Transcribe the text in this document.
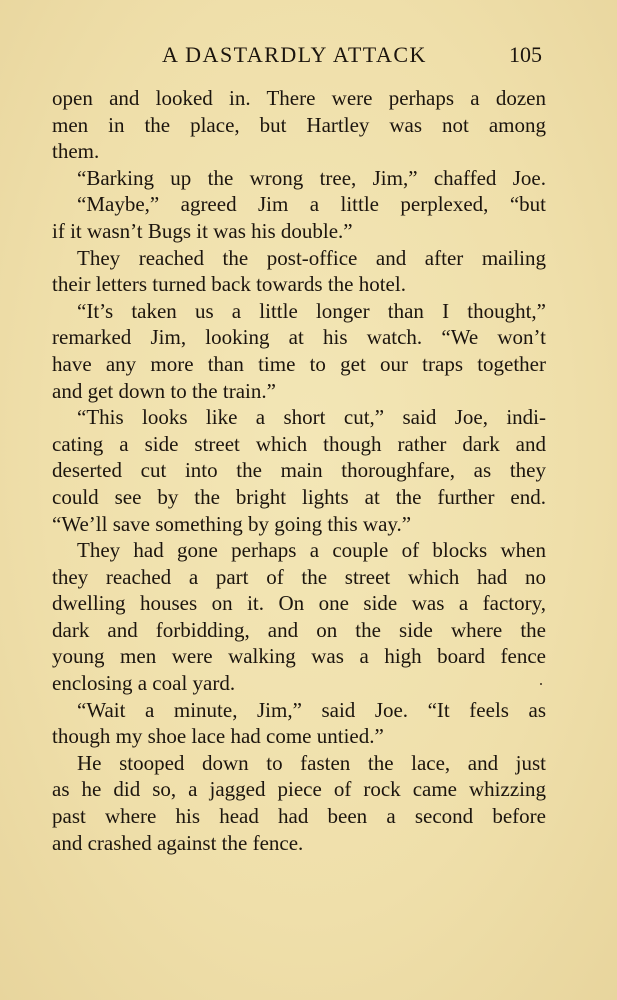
A DASTARDLY ATTACK	105
open and looked in. There were perhaps a dozen
men in the place, but Hartley was not among
them.
“Barking up the wrong tree, Jim,” chaffed Joe.
“Maybe,” agreed Jim a little perplexed, “but
if it wasn’t Bugs it was his double.”
They reached the post-office and after mailing
their letters turned back towards the hotel.
“It’s taken us a little longer than I thought,”
remarked Jim, looking at his watch. “We won’t
have any more than time to get our traps together
and get down to the train.”
“This looks like a short cut,” said Joe, indi-
cating a side street which though rather dark and
deserted cut into the main thoroughfare, as they
could see by the bright lights at the further end.
“We’ll save something by going this way.”
They had gone perhaps a couple of blocks when
they reached a part of the street which had no
dwelling houses on it. On one side was a factory,
dark and forbidding, and on the side where the
young men were walking was a high board fence
enclosing a coal yard.
“Wait a minute, Jim,” said Joe. “It feels as
though my shoe lace had come untied.”
He stooped down to fasten the lace, and just
as he did so, a jagged piece of rock came whizzing
past where his head had been a second before
and crashed against the fence.
